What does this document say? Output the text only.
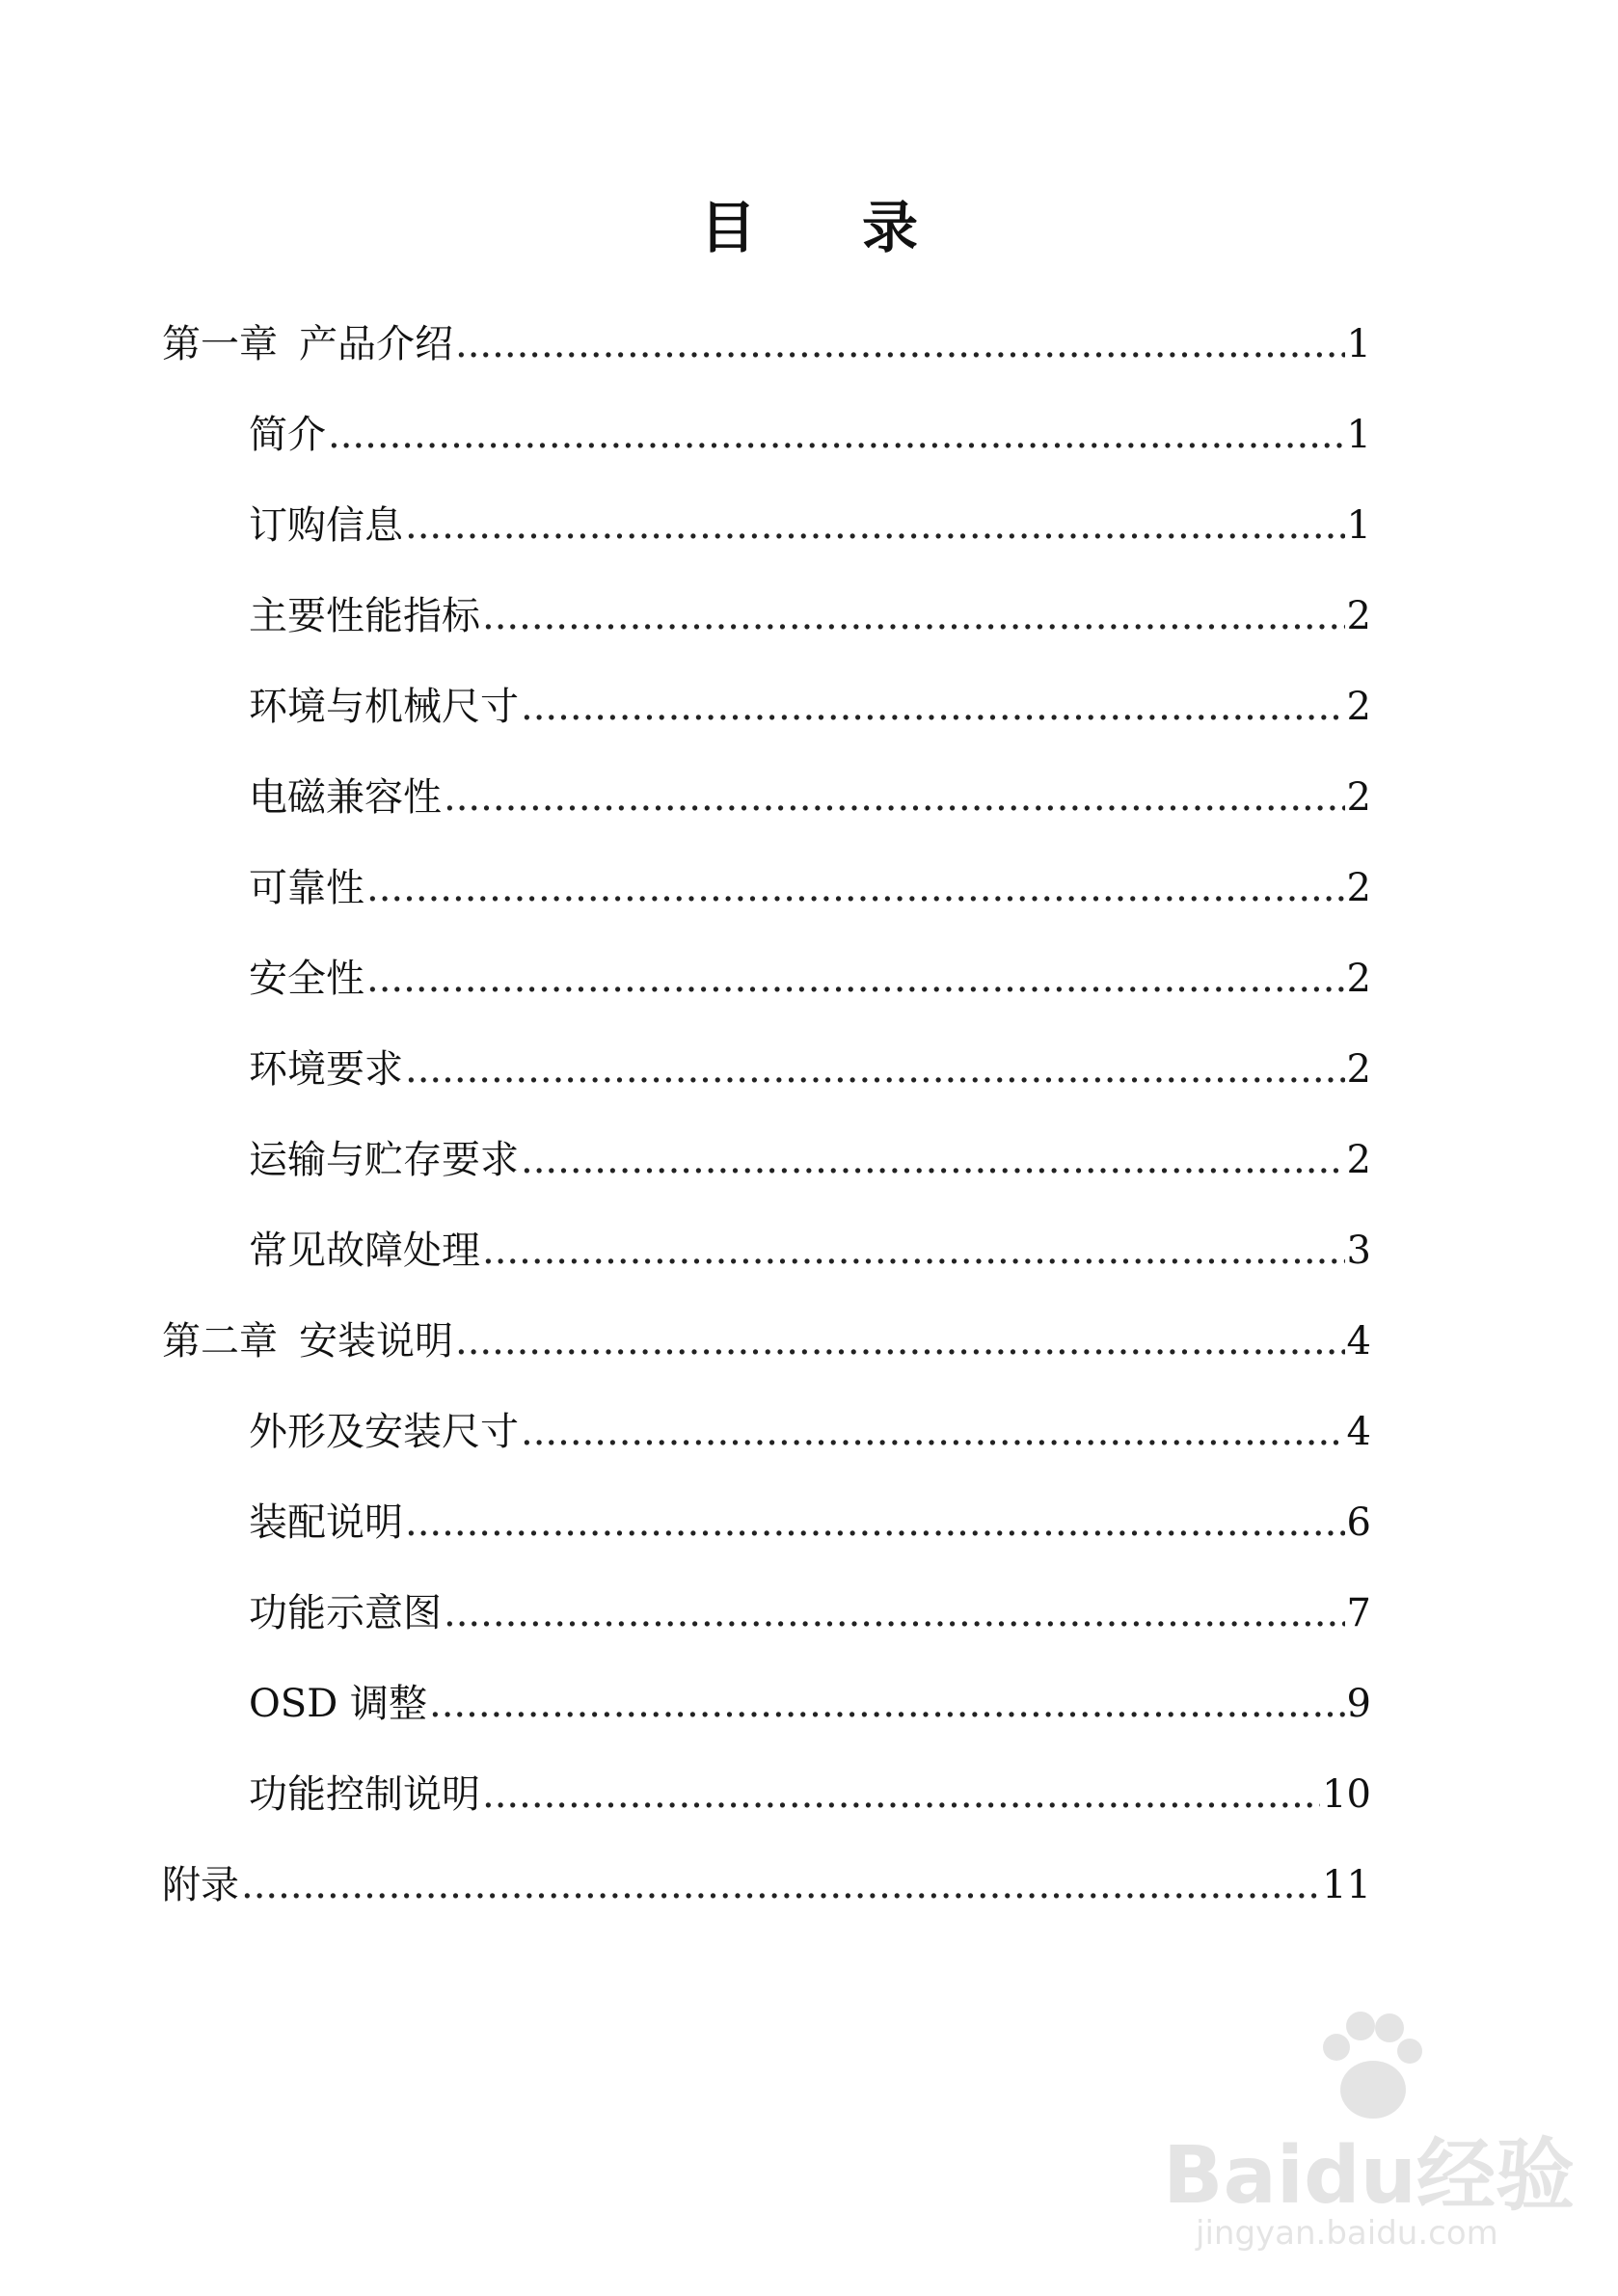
目 录
第一章 产品介绍 .....	1
简介 .....	1
订购信息 .....	1
主要性能指标 .....	2
环境与机械尺寸 .....	2
电磁兼容性 .....	2
可靠性 .....	2
安全性 .....	2
环境要求 .....	2
运输与贮存要求 .....	2
常见故障处理 .....	3
第二章 安装说明 .....	4
外形及安装尺寸 .....	4
装配说明 .....	6
功能示意图 .....	7
OSD 调整 .....	9
功能控制说明 .....	10
附录 .....	11
Baidu经验
jingyan.baidu.com
